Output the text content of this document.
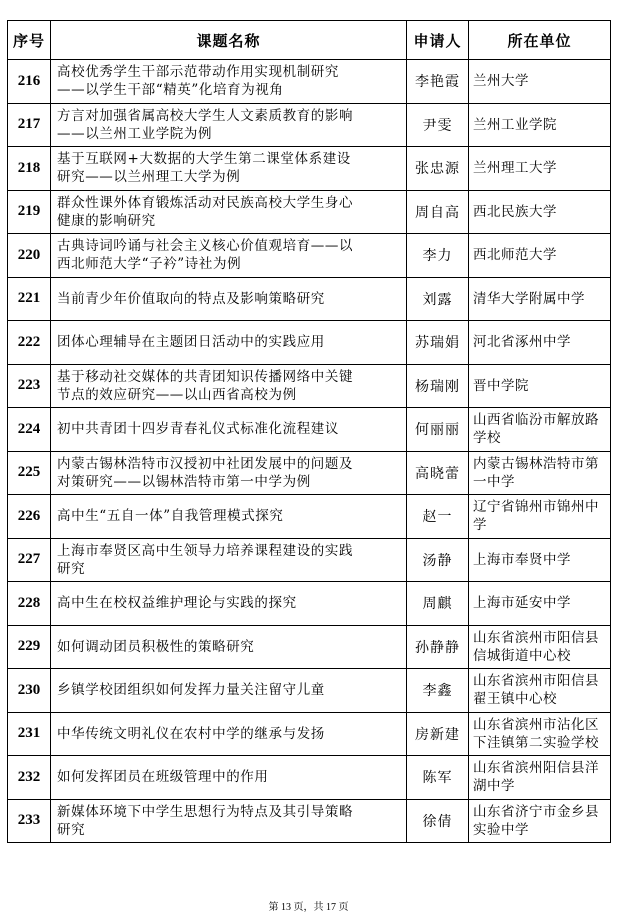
序号	课题名称	申请人	所在单位
216	高校优秀学生干部示范带动作用实现机制研究
——以学生干部“精英”化培育为视角	李艳霞	兰州大学
217	方言对加强省属高校大学生人文素质教育的影响
——以兰州工业学院为例	尹雯	兰州工业学院
218	基于互联网+大数据的大学生第二课堂体系建设
研究——以兰州理工大学为例	张忠源	兰州理工大学
219	群众性课外体育锻炼活动对民族高校大学生身心
健康的影响研究	周自高	西北民族大学
220	古典诗词吟诵与社会主义核心价值观培育——以
西北师范大学“子衿”诗社为例	李力	西北师范大学
221	当前青少年价值取向的特点及影响策略研究	刘露	清华大学附属中学
222	团体心理辅导在主题团日活动中的实践应用	苏瑞娟	河北省涿州中学
223	基于移动社交媒体的共青团知识传播网络中关键
节点的效应研究——以山西省高校为例	杨瑞刚	晋中学院
224	初中共青团十四岁青春礼仪式标准化流程建议	何丽丽	山西省临汾市解放路学校
225	内蒙古锡林浩特市汉授初中社团发展中的问题及
对策研究——以锡林浩特市第一中学为例	高晓蕾	内蒙古锡林浩特市第一中学
226	高中生“五自一体”自我管理模式探究	赵一	辽宁省锦州市锦州中学
227	上海市奉贤区高中生领导力培养课程建设的实践
研究	汤静	上海市奉贤中学
228	高中生在校权益维护理论与实践的探究	周麒	上海市延安中学
229	如何调动团员积极性的策略研究	孙静静	山东省滨州市阳信县信城街道中心校
230	乡镇学校团组织如何发挥力量关注留守儿童	李鑫	山东省滨州市阳信县翟王镇中心校
231	中华传统文明礼仪在农村中学的继承与发扬	房新建	山东省滨州市沾化区下洼镇第二实验学校
232	如何发挥团员在班级管理中的作用	陈军	山东省滨州阳信县洋湖中学
233	新媒体环境下中学生思想行为特点及其引导策略
研究	徐倩	山东省济宁市金乡县实验中学
第 13 页，共 17 页
